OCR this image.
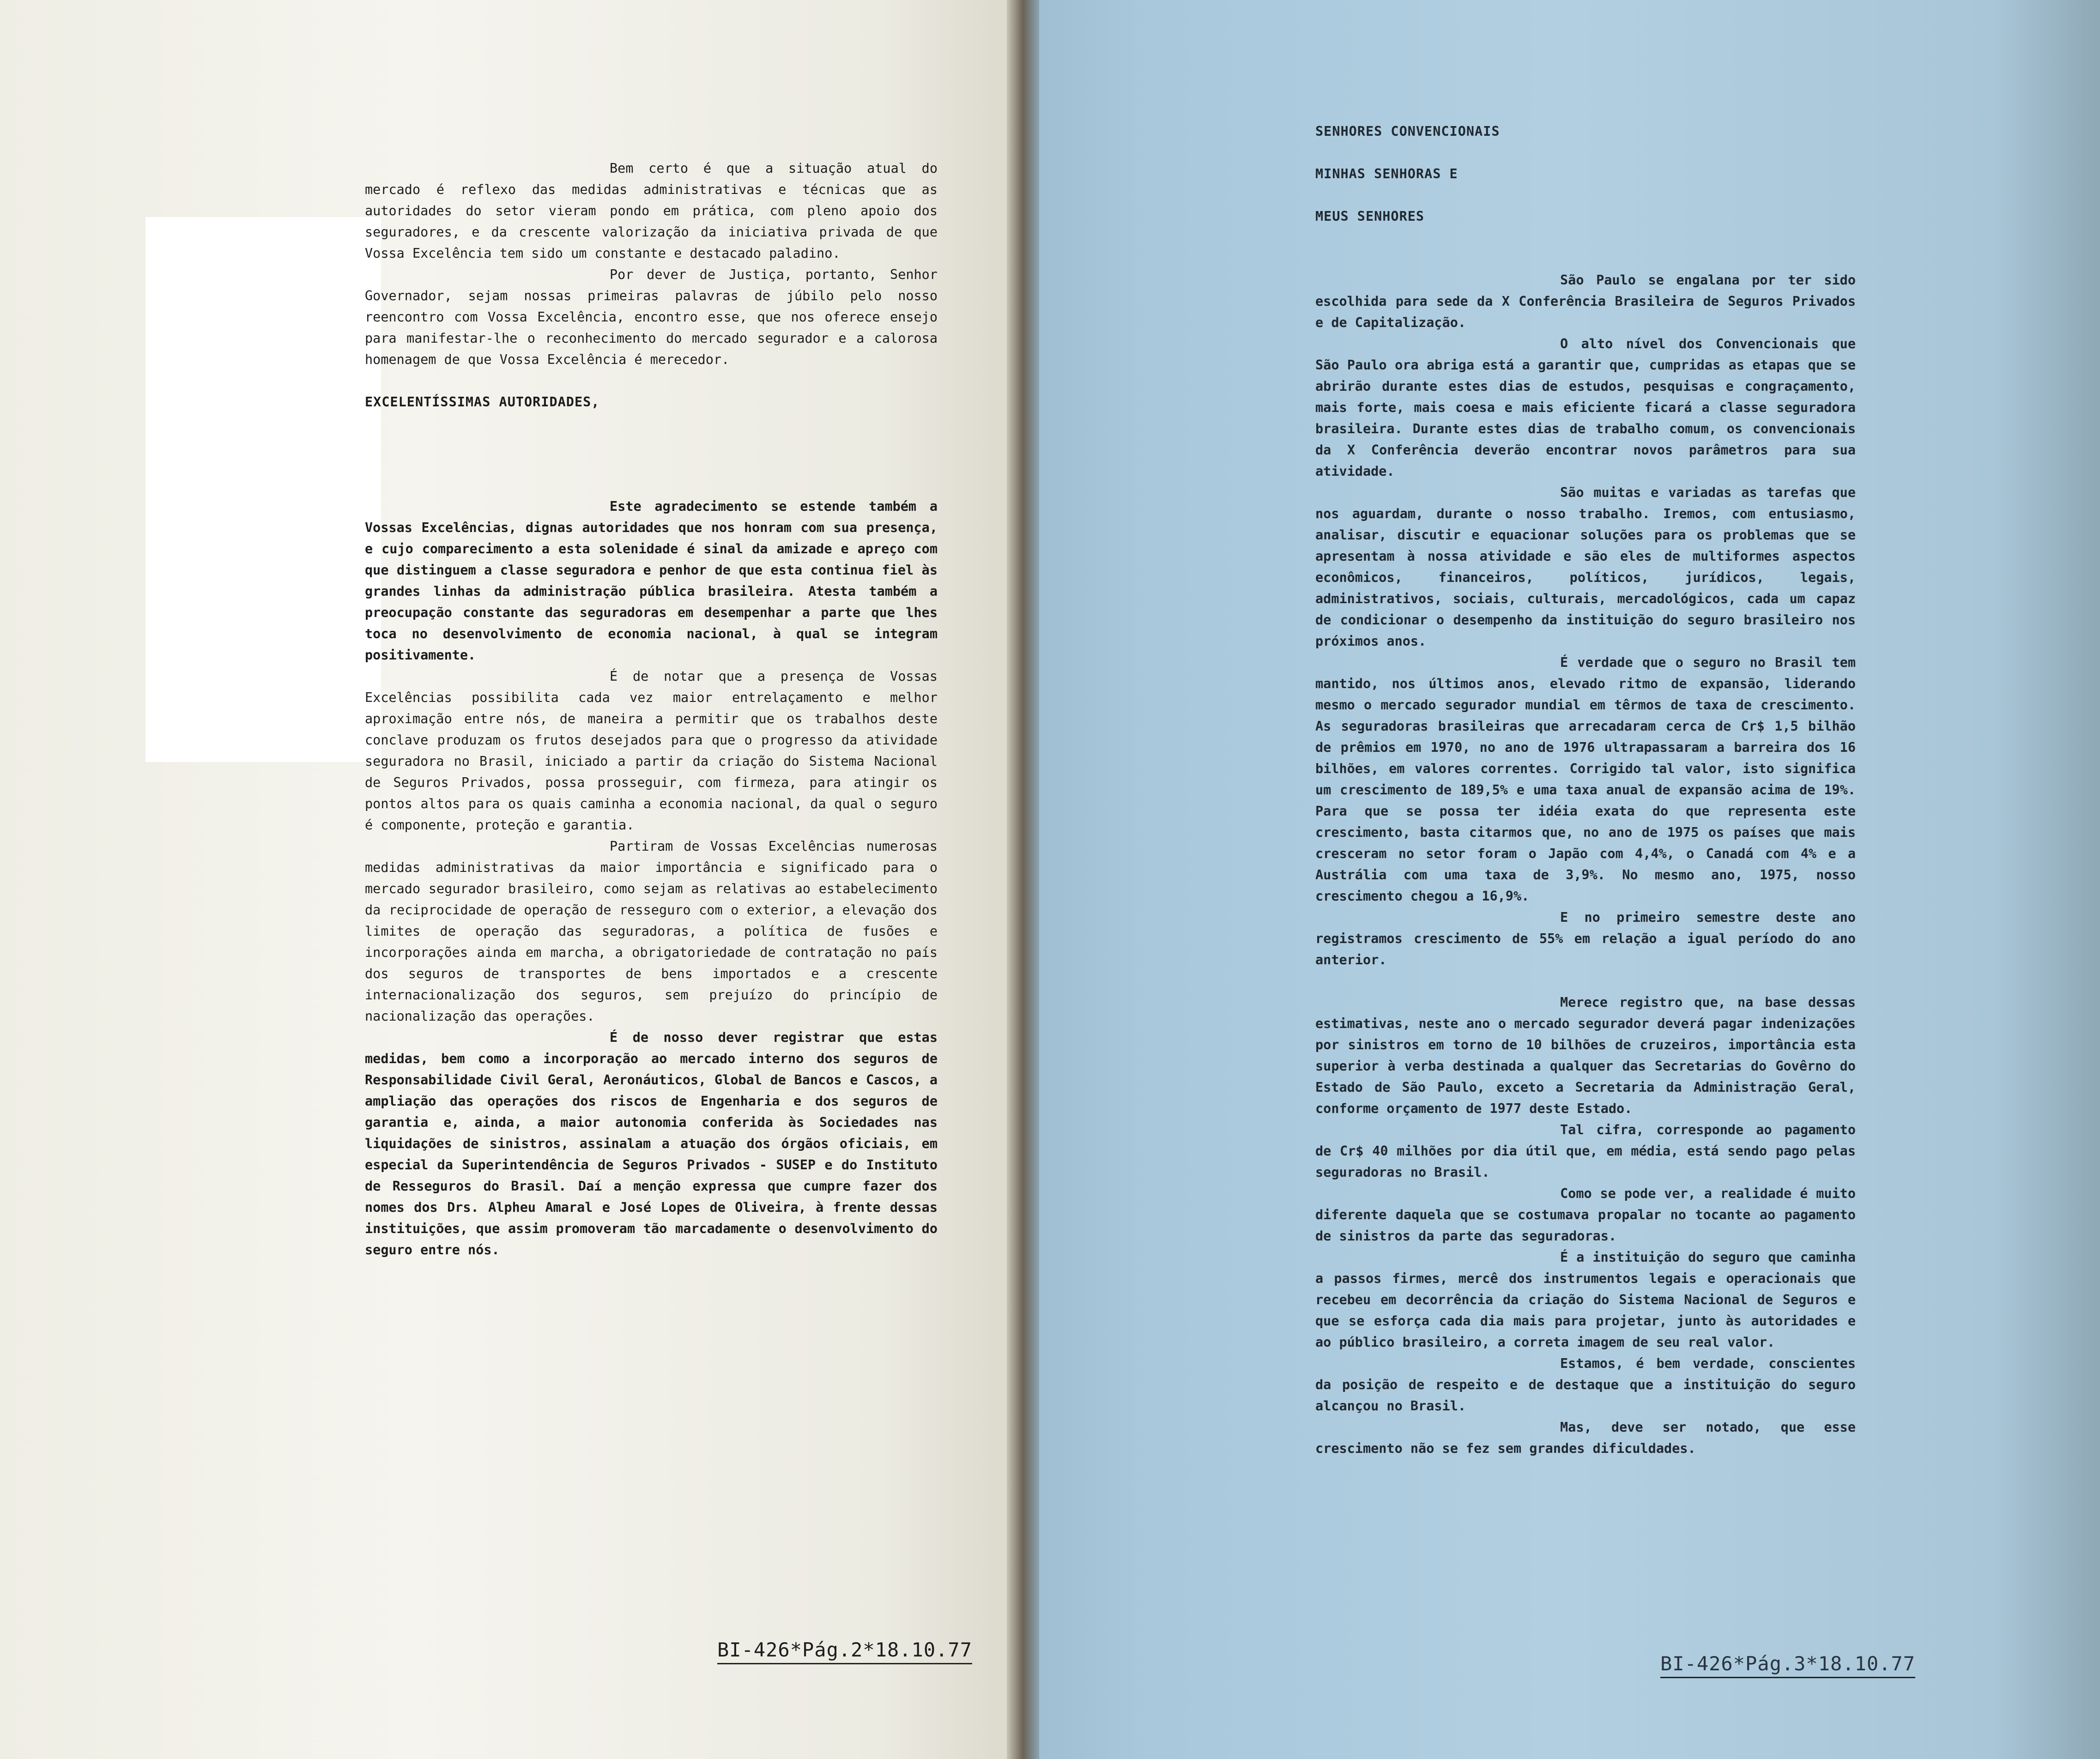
Bem certo é que a situação atual do mercado é reflexo das medidas administrativas e técnicas que as autoridades do setor vieram pondo em prática, com pleno apoio dos seguradores, e da crescente valorização da iniciativa privada de que Vossa Excelência tem sido um constante e destacado paladino.

Por dever de Justiça, portanto, Senhor Governador, sejam nossas primeiras palavras de júbilo pelo nosso reencontro com Vossa Excelência, encontro esse, que nos oferece ensejo para manifestar-lhe o reconhecimento do mercado segurador e a calorosa homenagem de que Vossa Excelência é merecedor.

EXCELENTÍSSIMAS AUTORIDADES,

Este agradecimento se estende também a Vossas Excelências, dignas autoridades que nos honram com sua presença, e cujo comparecimento a esta solenidade é sinal da amizade e apreço com que distinguem a classe seguradora e penhor de que esta continua fiel às grandes linhas da administração pública brasileira. Atesta também a preocupação constante das seguradoras em desempenhar a parte que lhes toca no desenvolvimento de economia nacional, à qual se integram positivamente.

É de notar que a presença de Vossas Excelências possibilita cada vez maior entrelaçamento e melhor aproximação entre nós, de maneira a permitir que os trabalhos deste conclave produzam os frutos desejados para que o progresso da atividade seguradora no Brasil, iniciado a partir da criação do Sistema Nacional de Seguros Privados, possa prosseguir, com firmeza, para atingir os pontos altos para os quais caminha a economia nacional, da qual o seguro é componente, proteção e garantia.

Partiram de Vossas Excelências numerosas medidas administrativas da maior importância e significado para o mercado segurador brasileiro, como sejam as relativas ao estabelecimento da reciprocidade de operação de resseguro com o exterior, a elevação dos limites de operação das seguradoras, a política de fusões e incorporações ainda em marcha, a obrigatoriedade de contratação no país dos seguros de transportes de bens importados e a crescente internacionalização dos seguros, sem prejuízo do princípio de nacionalização das operações.

É de nosso dever registrar que estas medidas, bem como a incorporação ao mercado interno dos seguros de Responsabilidade Civil Geral, Aeronáuticos, Global de Bancos e Cascos, a ampliação das operações dos riscos de Engenharia e dos seguros de garantia e, ainda, a maior autonomia conferida às Sociedades nas liquidações de sinistros, assinalam a atuação dos órgãos oficiais, em especial da Superintendência de Seguros Privados - SUSEP e do Instituto de Resseguros do Brasil. Daí a menção expressa que cumpre fazer dos nomes dos Drs. Alpheu Amaral e José Lopes de Oliveira, à frente dessas instituições, que assim promoveram tão marcadamente o desenvolvimento do seguro entre nós.

SENHORES CONVENCIONAIS

MINHAS SENHORAS E

MEUS SENHORES

São Paulo se engalana por ter sido escolhida para sede da X Conferência Brasileira de Seguros Privados e de Capitalização.

O alto nível dos Convencionais que São Paulo ora abriga está a garantir que, cumpridas as etapas que se abrirão durante estes dias de estudos, pesquisas e congraçamento, mais forte, mais coesa e mais eficiente ficará a classe seguradora brasileira. Durante estes dias de trabalho comum, os convencionais da X Conferência deverão encontrar novos parâmetros para sua atividade.

São muitas e variadas as tarefas que nos aguardam, durante o nosso trabalho. Iremos, com entusiasmo, analisar, discutir e equacionar soluções para os problemas que se apresentam à nossa atividade e são eles de multiformes aspectos econômicos, financeiros, políticos, jurídicos, legais, administrativos, sociais, culturais, mercadológicos, cada um capaz de condicionar o desempenho da instituição do seguro brasileiro nos próximos anos.

É verdade que o seguro no Brasil tem mantido, nos últimos anos, elevado ritmo de expansão, liderando mesmo o mercado segurador mundial em têrmos de taxa de crescimento. As seguradoras brasileiras que arrecadaram cerca de Cr$ 1,5 bilhão de prêmios em 1970, no ano de 1976 ultrapassaram a barreira dos 16 bilhões, em valores correntes. Corrigido tal valor, isto significa um crescimento de 189,5% e uma taxa anual de expansão acima de 19%. Para que se possa ter idéia exata do que representa este crescimento, basta citarmos que, no ano de 1975 os países que mais cresceram no setor foram o Japão com 4,4%, o Canadá com 4% e a Austrália com uma taxa de 3,9%. No mesmo ano, 1975, nosso crescimento chegou a 16,9%.

E no primeiro semestre deste ano registramos crescimento de 55% em relação a igual período do ano anterior.

Merece registro que, na base dessas estimativas, neste ano o mercado segurador deverá pagar indenizações por sinistros em torno de 10 bilhões de cruzeiros, importância esta superior à verba destinada a qualquer das Secretarias do Govêrno do Estado de São Paulo, exceto a Secretaria da Administração Geral, conforme orçamento de 1977 deste Estado.

Tal cifra, corresponde ao pagamento de Cr$ 40 milhões por dia útil que, em média, está sendo pago pelas seguradoras no Brasil.

Como se pode ver, a realidade é muito diferente daquela que se costumava propalar no tocante ao pagamento de sinistros da parte das seguradoras.

É a instituição do seguro que caminha a passos firmes, mercê dos instrumentos legais e operacionais que recebeu em decorrência da criação do Sistema Nacional de Seguros e que se esforça cada dia mais para projetar, junto às autoridades e ao público brasileiro, a correta imagem de seu real valor.

Estamos, é bem verdade, conscientes da posição de respeito e de destaque que a instituição do seguro alcançou no Brasil.

Mas, deve ser notado, que esse crescimento não se fez sem grandes dificuldades.

BI-426*Pág.2*18.10.77
BI-426*Pág.3*18.10.77
